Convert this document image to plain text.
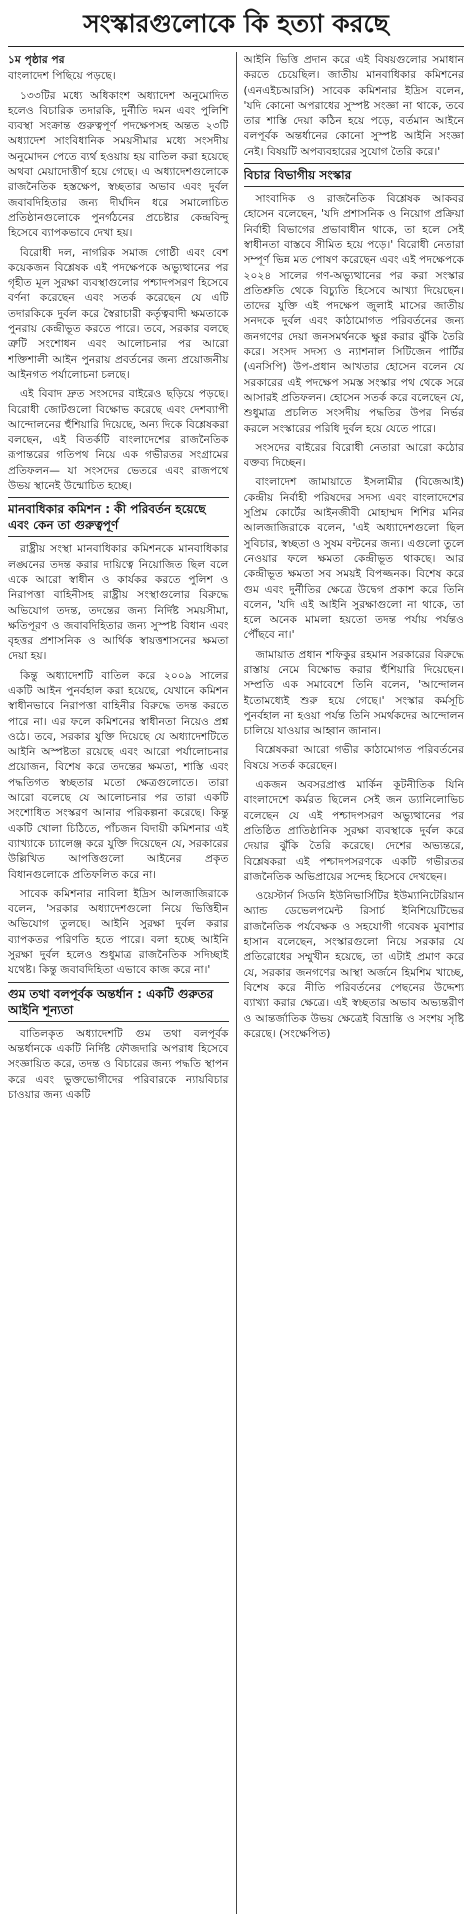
সংস্কারগুলোকে কি হত্যা করছে
১ম পৃষ্ঠার পর

বাংলাদেশ পিছিয়ে পড়ছে।

১৩৩টির মধ্যে অধিকাংশ অধ্যাদেশ অনুমোদিত হলেও বিচারিক তদারকি, দুর্নীতি দমন এবং পুলিশি ব্যবস্থা সংক্রান্ত গুরুত্বপূর্ণ পদক্ষেপসহ অন্তত ২৩টি অধ্যাদেশ সাংবিধানিক সময়সীমার মধ্যে সংসদীয় অনুমোদন পেতে ব্যর্থ হওয়ায় হয় বাতিল করা হয়েছে অথবা মেয়াদোত্তীর্ণ হয়ে গেছে। এ অধ্যাদেশগুলোকে রাজনৈতিক হস্তক্ষেপ, স্বচ্ছতার অভাব এবং দুর্বল জবাবদিহিতার জন্য দীর্ঘদিন ধরে সমালোচিত প্রতিষ্ঠানগুলোকে পুনর্গঠনের প্রচেষ্টার কেন্দ্রবিন্দু হিসেবে ব্যাপকভাবে দেখা হয়।

বিরোধী দল, নাগরিক সমাজ গোষ্ঠী এবং বেশ কয়েকজন বিশ্লেষক এই পদক্ষেপকে অভ্যুত্থানের পর গৃহীত মূল সুরক্ষা ব্যবস্থাগুলোর পশ্চাদপসরণ হিসেবে বর্ণনা করেছেন এবং সতর্ক করেছেন যে এটি তদারকিকে দুর্বল করে স্বৈরাচারী কর্তৃত্ববাদী ক্ষমতাকে পুনরায় কেন্দ্রীভূত করতে পারে। তবে, সরকার বলছে ত্রুটি সংশোধন এবং আলোচনার পর আরো শক্তিশালী আইন পুনরায় প্রবর্তনের জন্য প্রয়োজনীয় আইনগত পর্যালোচনা চলছে।

এই বিবাদ দ্রুত সংসদের বাইরেও ছড়িয়ে পড়ছে। বিরোধী জোটগুলো বিক্ষোভ করেছে এবং দেশব্যাপী আন্দোলনের হুঁশিয়ারি দিয়েছে, অন্য দিকে বিশ্লেষকরা বলছেন, এই বিতর্কটি বাংলাদেশের রাজনৈতিক রূপান্তরের গতিপথ নিয়ে এক গভীরতর সংগ্রামের প্রতিফলন— যা সংসদের ভেতরে এবং রাজপথে উভয় স্থানেই উন্মোচিত হচ্ছে।

মানবাধিকার কমিশন : কী পরিবর্তন হয়েছে এবং কেন তা গুরুত্বপূর্ণ

রাষ্ট্রীয় সংস্থা মানবাধিকার কমিশনকে মানবাধিকার লঙ্ঘনের তদন্ত করার দায়িত্বে নিয়োজিত ছিল বলে একে আরো স্বাধীন ও কার্যকর করতে পুলিশ ও নিরাপত্তা বাহিনীসহ রাষ্ট্রীয় সংস্থাগুলোর বিরুদ্ধে অভিযোগ তদন্ত, তদন্তের জন্য নির্দিষ্ট সময়সীমা, ক্ষতিপূরণ ও জবাবদিহিতার জন্য সুস্পষ্ট বিধান এবং বৃহত্তর প্রশাসনিক ও আর্থিক স্বায়ত্তশাসনের ক্ষমতা দেয়া হয়।

কিন্তু অধ্যাদেশটি বাতিল করে ২০০৯ সালের একটি আইন পুনর্বহাল করা হয়েছে, যেখানে কমিশন স্বাধীনভাবে নিরাপত্তা বাহিনীর বিরুদ্ধে তদন্ত করতে পারে না। এর ফলে কমিশনের স্বাধীনতা নিয়েও প্রশ্ন ওঠে। তবে, সরকার যুক্তি দিয়েছে যে অধ্যাদেশটিতে আইনি অস্পষ্টতা রয়েছে এবং আরো পর্যালোচনার প্রয়োজন, বিশেষ করে তদন্তের ক্ষমতা, শাস্তি এবং পদ্ধতিগত স্বচ্ছতার মতো ক্ষেত্রগুলোতে। তারা আরো বলেছে যে আলোচনার পর তারা একটি সংশোধিত সংস্করণ আনার পরিকল্পনা করেছে। কিন্তু একটি খোলা চিঠিতে, পাঁচজন বিদায়ী কমিশনার এই ব্যাখ্যাকে চ্যালেঞ্জ করে যুক্তি দিয়েছেন যে, সরকারের উল্লিখিত আপত্তিগুলো আইনের প্রকৃত বিধানগুলোকে প্রতিফলিত করে না।

সাবেক কমিশনার নাবিলা ইদ্রিস আলজাজিরাকে বলেন, 'সরকার অধ্যাদেশগুলো নিয়ে ভিত্তিহীন অভিযোগ তুলছে। আইনি সুরক্ষা দুর্বল করার ব্যাপকতর পরিণতি হতে পারে। বলা হচ্ছে আইনি সুরক্ষা দুর্বল হলেও শুধুমাত্র রাজনৈতিক সদিচ্ছাই যথেষ্ট। কিন্তু জবাবদিহিতা এভাবে কাজ করে না।'

গুম তথা বলপূর্বক অন্তর্ধান : একটি গুরুতর আইনি শূন্যতা

বাতিলকৃত অধ্যাদেশটি গুম তথা বলপূর্বক অন্তর্ধানকে একটি নির্দিষ্ট ফৌজদারি অপরাধ হিসেবে সংজ্ঞায়িত করে, তদন্ত ও বিচারের জন্য পদ্ধতি স্থাপন করে এবং ভুক্তভোগীদের পরিবারকে ন্যায়বিচার চাওয়ার জন্য একটি

আইনি ভিত্তি প্রদান করে এই বিষয়গুলোর সমাধান করতে চেয়েছিল। জাতীয় মানবাধিকার কমিশনের (এনএইচআরসি) সাবেক কমিশনার ইদ্রিস বলেন, 'যদি কোনো অপরাধের সুস্পষ্ট সংজ্ঞা না থাকে, তবে তার শাস্তি দেয়া কঠিন হয়ে পড়ে, বর্তমান আইনে বলপূর্বক অন্তর্ধানের কোনো সুস্পষ্ট আইনি সংজ্ঞা নেই। বিষয়টি অপব্যবহারের সুযোগ তৈরি করে।'

বিচার বিভাগীয় সংস্কার

সাংবাদিক ও রাজনৈতিক বিশ্লেষক আকবর হোসেন বলেছেন, 'যদি প্রশাসনিক ও নিয়োগ প্রক্রিয়া নির্বাহী বিভাগের প্রভাবাধীন থাকে, তা হলে সেই স্বাধীনতা বাস্তবে সীমিত হয়ে পড়ে।' বিরোধী নেতারা সম্পূর্ণ ভিন্ন মত পোষণ করেছেন এবং এই পদক্ষেপকে ২০২৪ সালের গণ-অভ্যুত্থানের পর করা সংস্কার প্রতিশ্রুতি থেকে বিচ্যুতি হিসেবে আখ্যা দিয়েছেন। তাদের যুক্তি এই পদক্ষেপ জুলাই মাসের জাতীয় সনদকে দুর্বল এবং কাঠামোগত পরিবর্তনের জন্য জনগণের দেয়া জনসমর্থনকে ক্ষুণ্ণ করার ঝুঁকি তৈরি করে। সংসদ সদস্য ও ন্যাশনাল সিটিজেন পার্টির (এনসিপি) উপ-প্রধান আখতার হোসেন বলেন যে সরকারের এই পদক্ষেপ সমস্ত সংস্কার পথ থেকে সরে আসারই প্রতিফলন। হোসেন সতর্ক করে বলেছেন যে, শুধুমাত্র প্রচলিত সংসদীয় পদ্ধতির উপর নির্ভর করলে সংস্কারের পরিধি দুর্বল হয়ে যেতে পারে।

সংসদের বাইরের বিরোধী নেতারা আরো কঠোর বক্তব্য দিচ্ছেন।

বাংলাদেশ জামায়াতে ইসলামীর (বিজেআই) কেন্দ্রীয় নির্বাহী পরিষদের সদস্য এবং বাংলাদেশের সুপ্রিম কোর্টের আইনজীবী মোহাম্মদ শিশির মনির আলজাজিরাকে বলেন, 'এই অধ্যাদেশগুলো ছিল সুবিচার, স্বচ্ছতা ও সুষম বন্টনের জন্য। এগুলো তুলে নেওয়ার ফলে ক্ষমতা কেন্দ্রীভূত থাকছে। আর কেন্দ্রীভূত ক্ষমতা সব সময়ই বিপজ্জনক। বিশেষ করে গুম এবং দুর্নীতির ক্ষেত্রে উদ্বেগ প্রকাশ করে তিনি বলেন, 'যদি এই আইনি সুরক্ষাগুলো না থাকে, তা হলে অনেক মামলা হয়তো তদন্ত পর্যায় পর্যন্তও পৌঁছবে না।'

জামায়াত প্রধান শফিকুর রহমান সরকারের বিরুদ্ধে রাস্তায় নেমে বিক্ষোভ করার হুঁশিয়ারি দিয়েছেন। সম্প্রতি এক সমাবেশে তিনি বলেন, 'আন্দোলন ইতোমধ্যেই শুরু হয়ে গেছে।' সংস্কার কর্মসূচি পুনর্বহাল না হওয়া পর্যন্ত তিনি সমর্থকদের আন্দোলন চালিয়ে যাওয়ার আহ্বান জানান।

বিশ্লেষকরা আরো গভীর কাঠামোগত পরিবর্তনের বিষয়ে সতর্ক করেছেন।

একজন অবসরপ্রাপ্ত মার্কিন কূটনীতিক যিনি বাংলাদেশে কর্মরত ছিলেন সেই জন ড্যানিলোভিচ বলেছেন যে এই পশ্চাদপসরণ অভ্যুত্থানের পর প্রতিষ্ঠিত প্রাতিষ্ঠানিক সুরক্ষা ব্যবস্থাকে দুর্বল করে দেয়ার ঝুঁকি তৈরি করেছে। দেশের অভ্যন্তরে, বিশ্লেষকরা এই পশ্চাদপসরণকে একটি গভীরতর রাজনৈতিক অভিপ্রায়ের সন্দেহ হিসেবে দেখছেন।

ওয়েস্টার্ন সিডনি ইউনিভার্সিটির ইউম্যানিটেরিয়ান অ্যান্ড ডেভেলপমেন্ট রিসার্চ ইনিশিয়েটিভের রাজনৈতিক পর্যবেক্ষক ও সহযোগী গবেষক মুবাশার হাসান বলেছেন, সংস্কারগুলো নিয়ে সরকার যে প্রতিরোধের সম্মুখীন হয়েছে, তা এটাই প্রমাণ করে যে, সরকার জনগণের আস্থা অর্জনে হিমশিম খাচ্ছে, বিশেষ করে নীতি পরিবর্তনের পেছনের উদ্দেশ্য ব্যাখ্যা করার ক্ষেত্রে। এই স্বচ্ছতার অভাব অভ্যন্তরীণ ও আন্তর্জাতিক উভয় ক্ষেত্রেই বিভ্রান্তি ও সংশয় সৃষ্টি করেছে। (সংক্ষেপিত)
